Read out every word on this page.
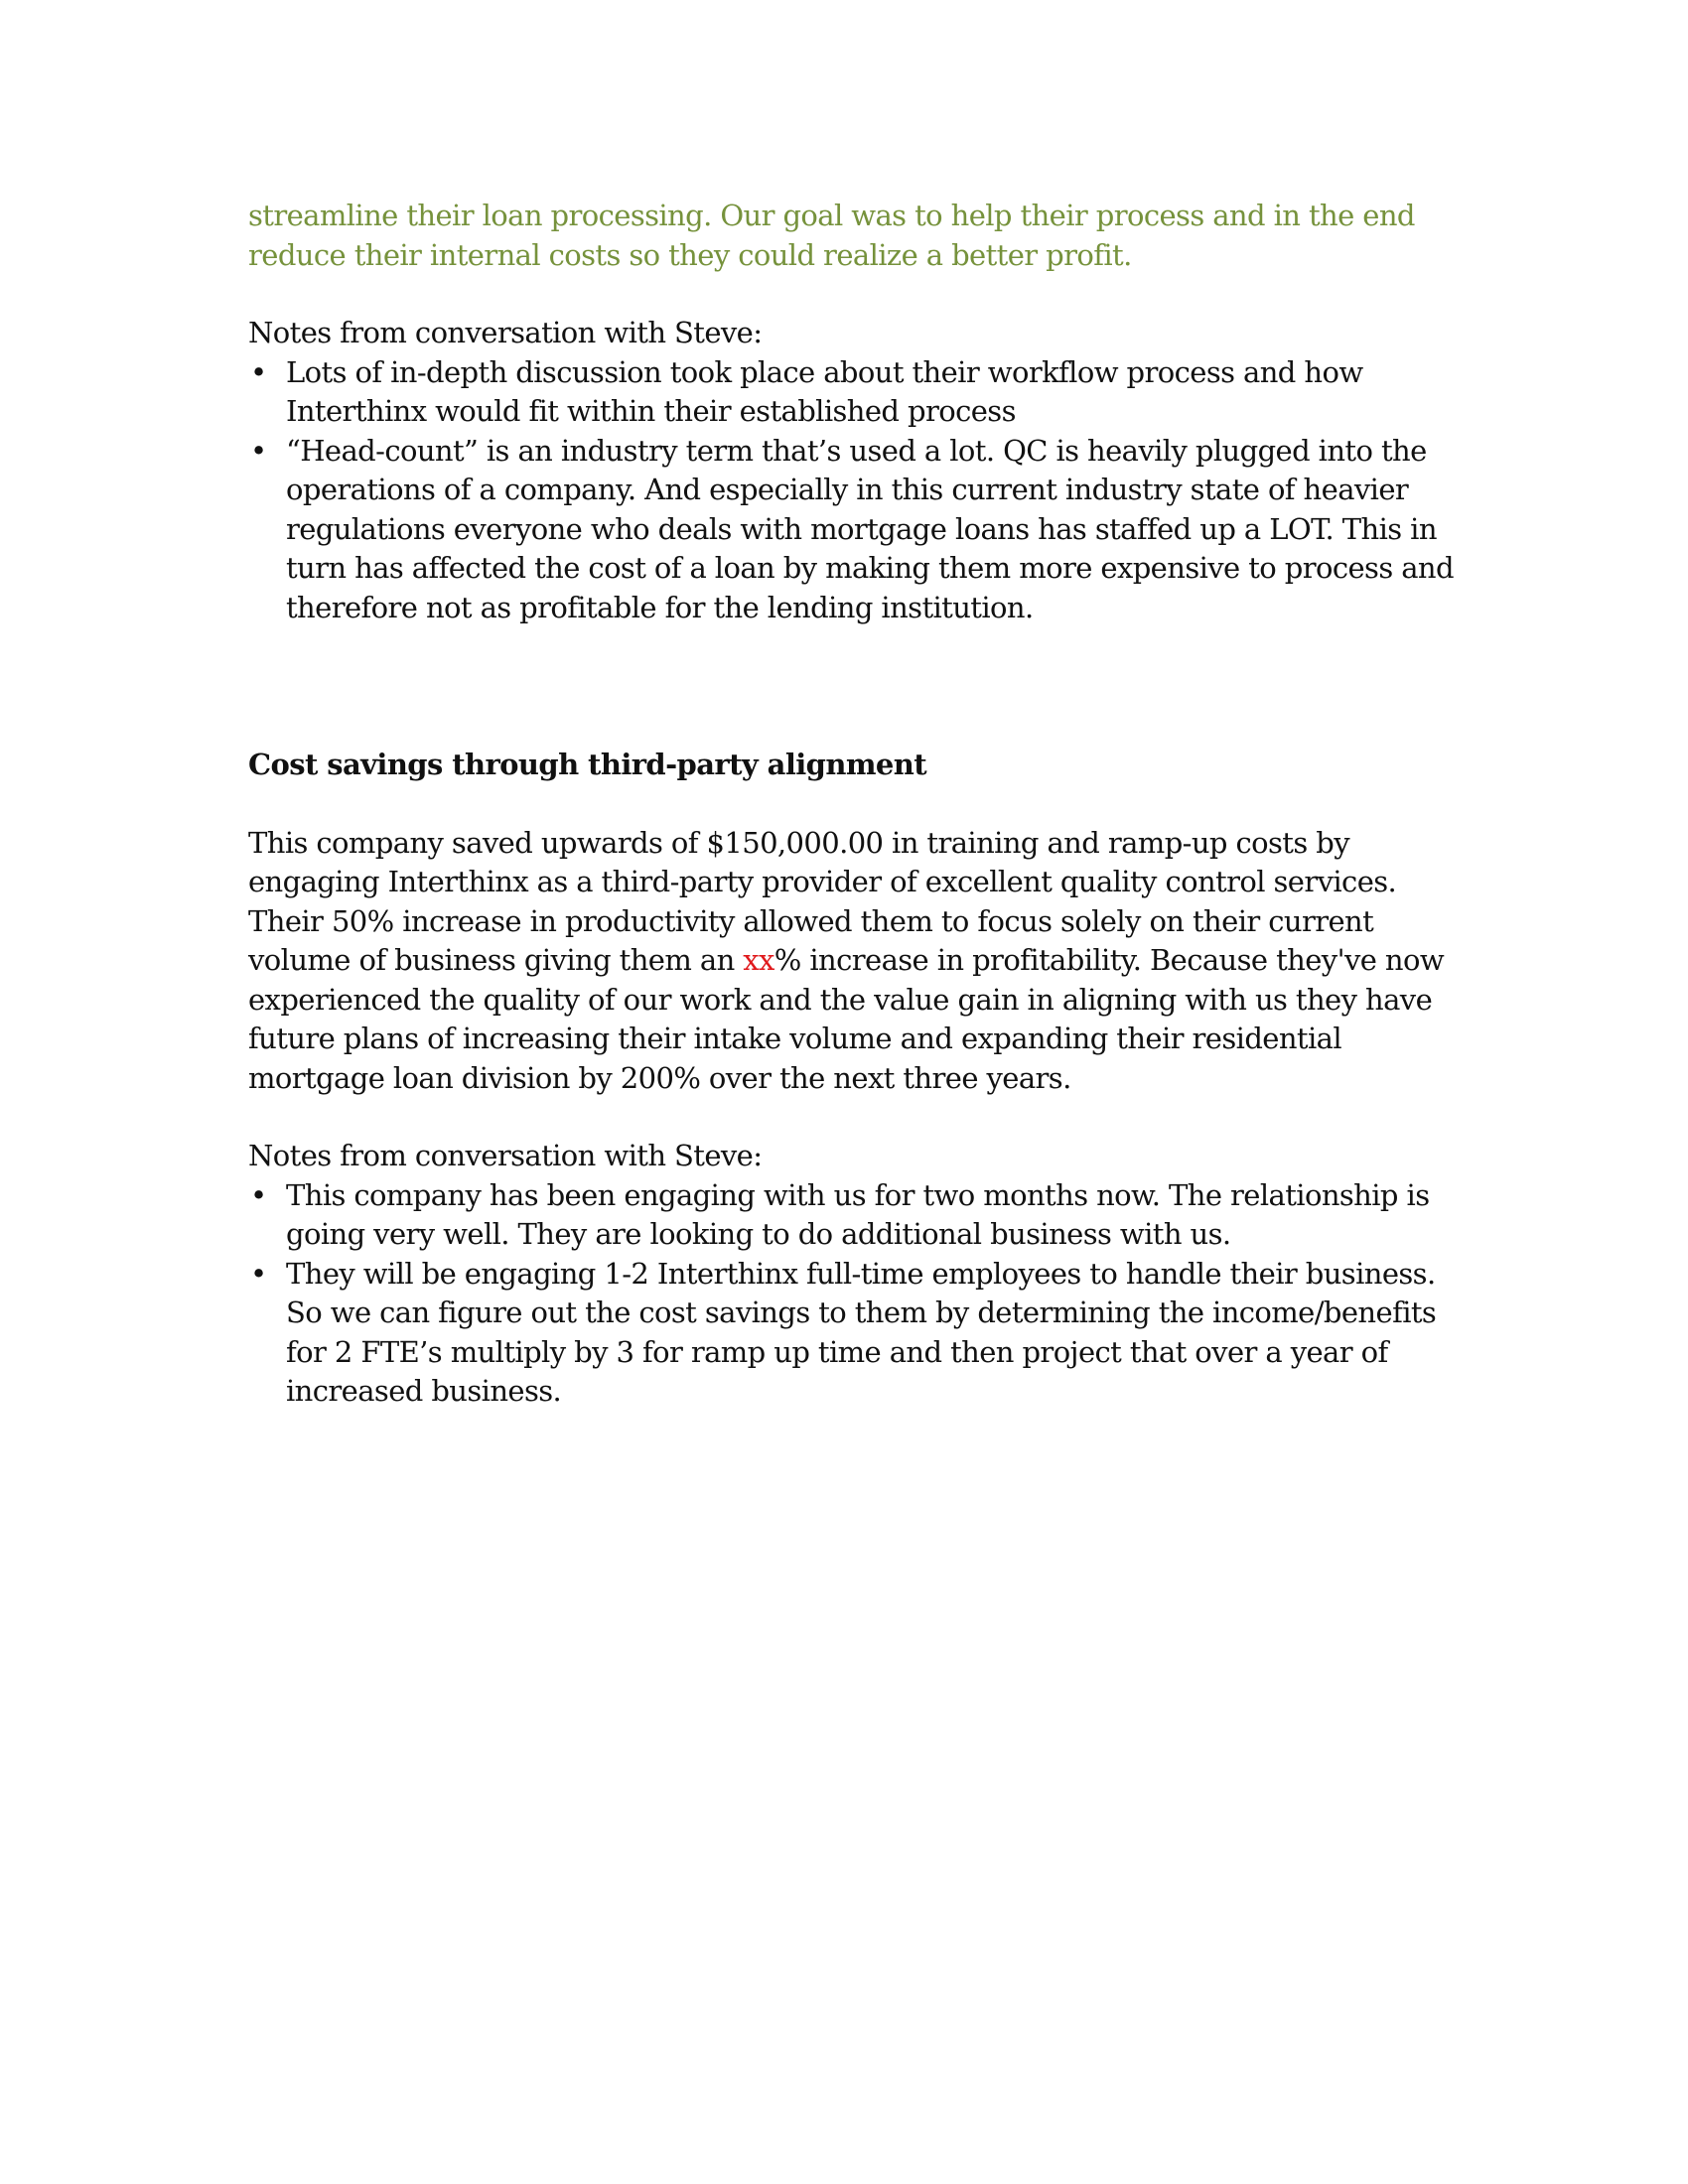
streamline their loan processing. Our goal was to help their process and in the end reduce their internal costs so they could realize a better profit.

Notes from conversation with Steve:

• Lots of in-depth discussion took place about their workflow process and how Interthinx would fit within their established process
• “Head-count” is an industry term that’s used a lot. QC is heavily plugged into the operations of a company. And especially in this current industry state of heavier regulations everyone who deals with mortgage loans has staffed up a LOT. This in turn has affected the cost of a loan by making them more expensive to process and therefore not as profitable for the lending institution.

Cost savings through third-party alignment

This company saved upwards of $150,000.00 in training and ramp-up costs by engaging Interthinx as a third-party provider of excellent quality control services. Their 50% increase in productivity allowed them to focus solely on their current volume of business giving them an xx% increase in profitability. Because they've now experienced the quality of our work and the value gain in aligning with us they have future plans of increasing their intake volume and expanding their residential mortgage loan division by 200% over the next three years.

Notes from conversation with Steve:

• This company has been engaging with us for two months now. The relationship is going very well. They are looking to do additional business with us.
• They will be engaging 1-2 Interthinx full-time employees to handle their business. So we can figure out the cost savings to them by determining the income/benefits for 2 FTE’s multiply by 3 for ramp up time and then project that over a year of increased business.
